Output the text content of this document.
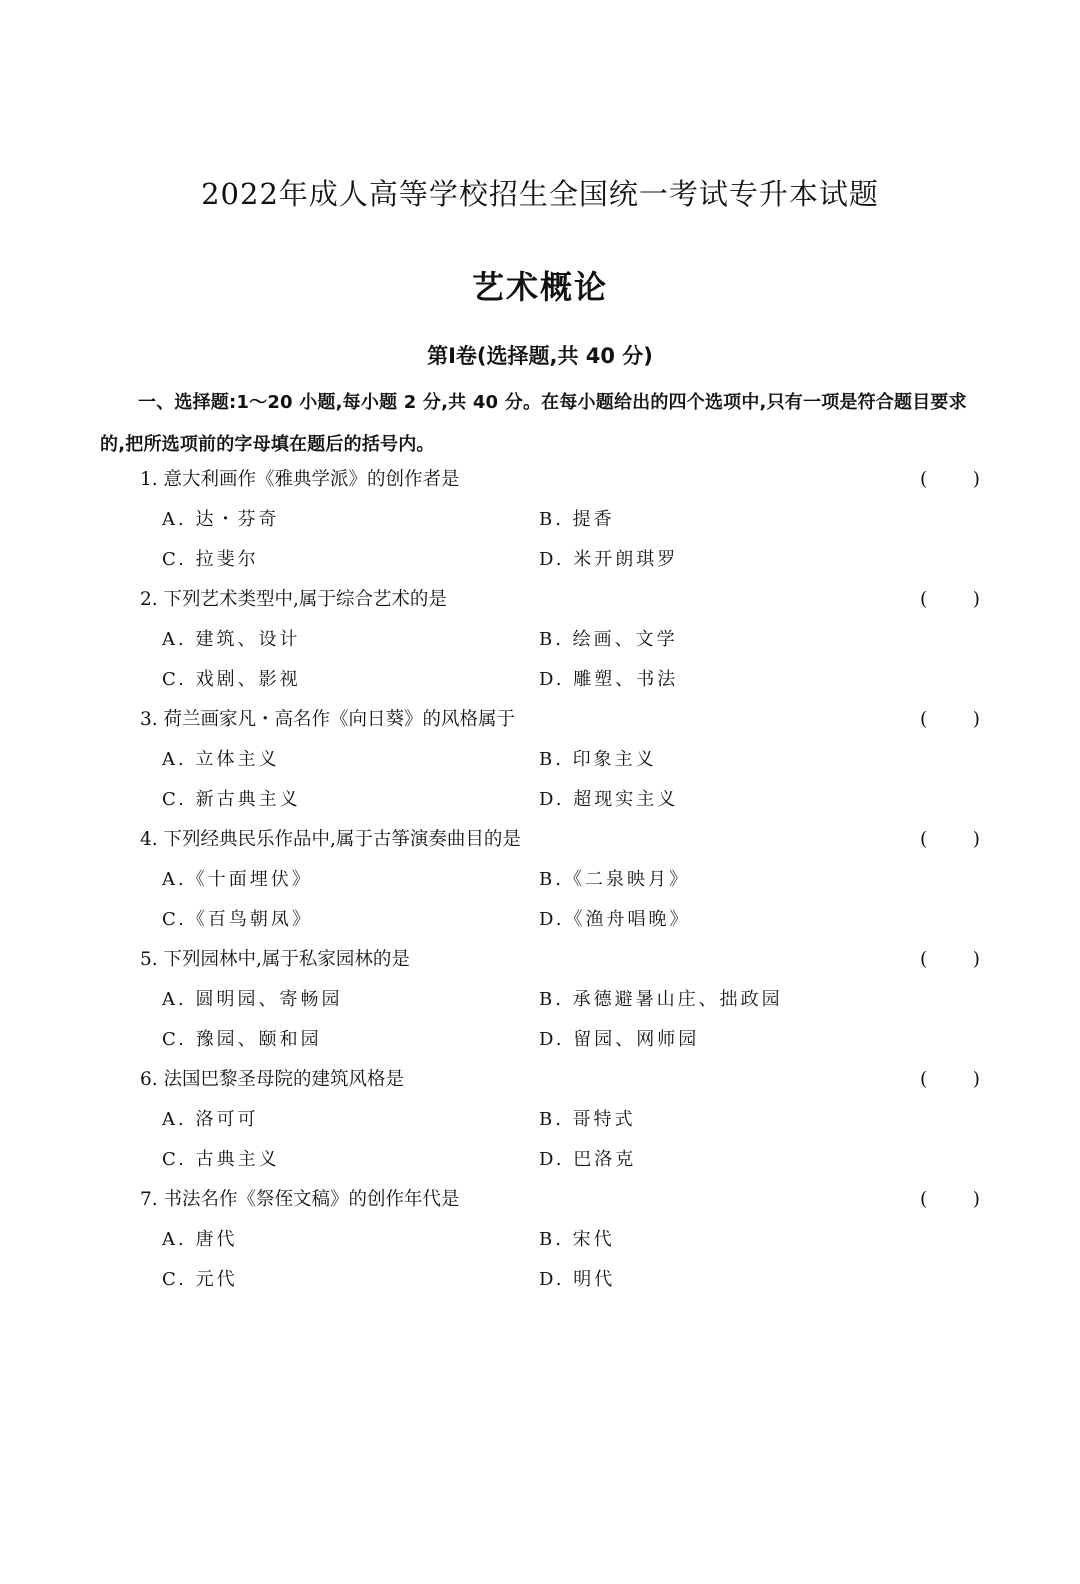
2022年成人高等学校招生全国统一考试专升本试题
艺术概论
第Ⅰ卷(选择题,共 40 分)
一、选择题:1～20 小题,每小题 2 分,共 40 分。在每小题给出的四个选项中,只有一项是符合题目要求的,把所选项前的字母填在题后的括号内。
1. 意大利画作《雅典学派》的创作者是	( )
A. 达・芬奇	B. 提香
C. 拉斐尔	D. 米开朗琪罗
2. 下列艺术类型中,属于综合艺术的是	( )
A. 建筑、设计	B. 绘画、文学
C. 戏剧、影视	D. 雕塑、书法
3. 荷兰画家凡・高名作《向日葵》的风格属于	( )
A. 立体主义	B. 印象主义
C. 新古典主义	D. 超现实主义
4. 下列经典民乐作品中,属于古筝演奏曲目的是	( )
A.《十面埋伏》	B.《二泉映月》
C.《百鸟朝凤》	D.《渔舟唱晚》
5. 下列园林中,属于私家园林的是	( )
A. 圆明园、寄畅园	B. 承德避暑山庄、拙政园
C. 豫园、颐和园	D. 留园、网师园
6. 法国巴黎圣母院的建筑风格是	( )
A. 洛可可	B. 哥特式
C. 古典主义	D. 巴洛克
7. 书法名作《祭侄文稿》的创作年代是	( )
A. 唐代	B. 宋代
C. 元代	D. 明代
